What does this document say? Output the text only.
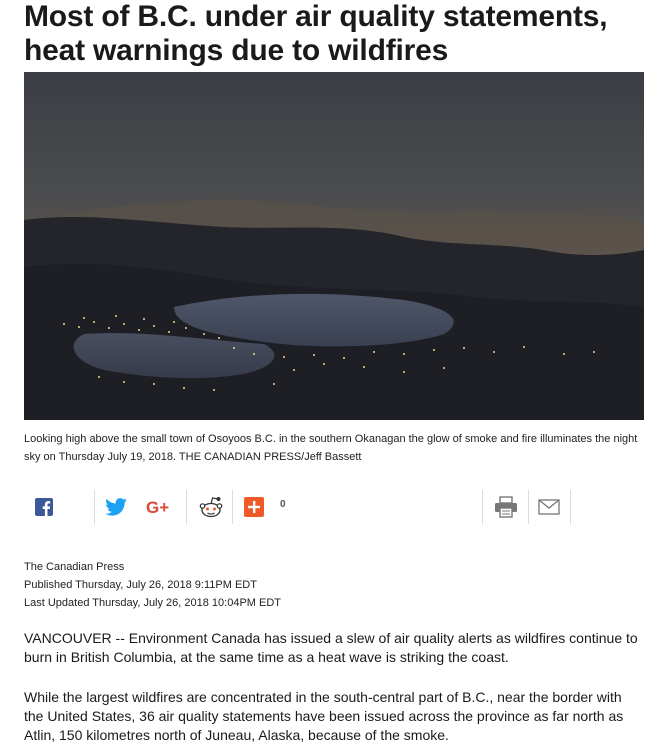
Most of B.C. under air quality statements, heat warnings due to wildfires

Looking high above the small town of Osoyoos B.C. in the southern Okanagan the glow of smoke and fire illuminates the night sky on Thursday July 19, 2018. THE CANADIAN PRESS/Jeff Bassett

G+	0
The Canadian Press
Published Thursday, July 26, 2018 9:11PM EDT
Last Updated Thursday, July 26, 2018 10:04PM EDT

VANCOUVER -- Environment Canada has issued a slew of air quality alerts as wildfires continue to burn in British Columbia, at the same time as a heat wave is striking the coast.

While the largest wildfires are concentrated in the south-central part of B.C., near the border with the United States, 36 air quality statements have been issued across the province as far north as Atlin, 150 kilometres north of Juneau, Alaska, because of the smoke.
